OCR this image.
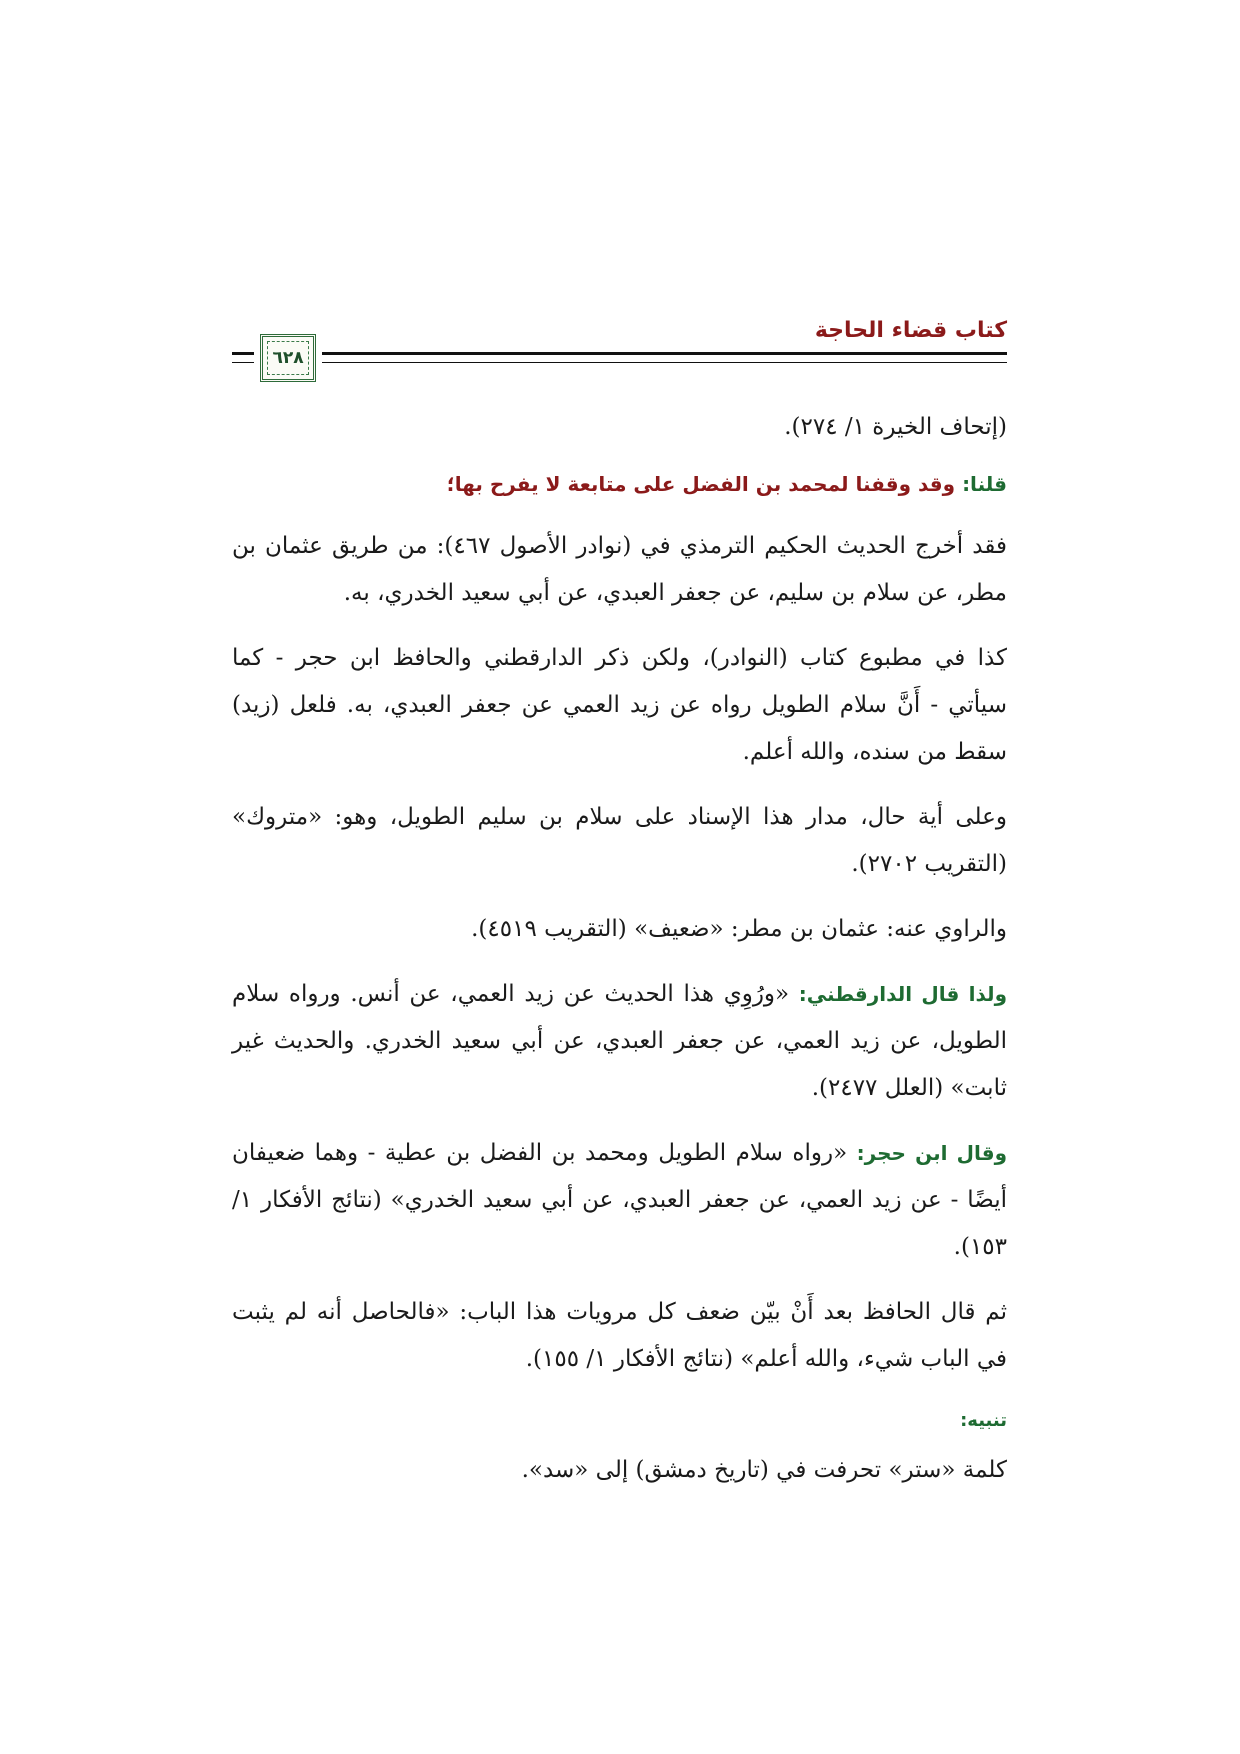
كتاب قضاء الحاجة
٦٢٨

(إتحاف الخيرة ١/ ٢٧٤).

قلنا: وقد وقفنا لمحمد بن الفضل على متابعة لا يفرح بها؛

فقد أخرج الحديث الحكيم الترمذي في (نوادر الأصول ٤٦٧): من طريق عثمان بن مطر، عن سلام بن سليم، عن جعفر العبدي، عن أبي سعيد الخدري، به.

كذا في مطبوع كتاب (النوادر)، ولكن ذكر الدارقطني والحافظ ابن حجر - كما سيأتي - أَنَّ سلام الطويل رواه عن زيد العمي عن جعفر العبدي، به. فلعل (زيد) سقط من سنده، والله أعلم.

وعلى أية حال، مدار هذا الإسناد على سلام بن سليم الطويل، وهو: «متروك» (التقريب ٢٧٠٢).

والراوي عنه: عثمان بن مطر: «ضعيف» (التقريب ٤٥١٩).

ولذا قال الدارقطني: «ورُوِي هذا الحديث عن زيد العمي، عن أنس. ورواه سلام الطويل، عن زيد العمي، عن جعفر العبدي، عن أبي سعيد الخدري. والحديث غير ثابت» (العلل ٢٤٧٧).

وقال ابن حجر: «رواه سلام الطويل ومحمد بن الفضل بن عطية - وهما ضعيفان أيضًا - عن زيد العمي، عن جعفر العبدي، عن أبي سعيد الخدري» (نتائج الأفكار ١/ ١٥٣).

ثم قال الحافظ بعد أَنْ بيّن ضعف كل مرويات هذا الباب: «فالحاصل أنه لم يثبت في الباب شيء، والله أعلم» (نتائج الأفكار ١/ ١٥٥).

تنبيه:

كلمة «ستر» تحرفت في (تاريخ دمشق) إلى «سد».
